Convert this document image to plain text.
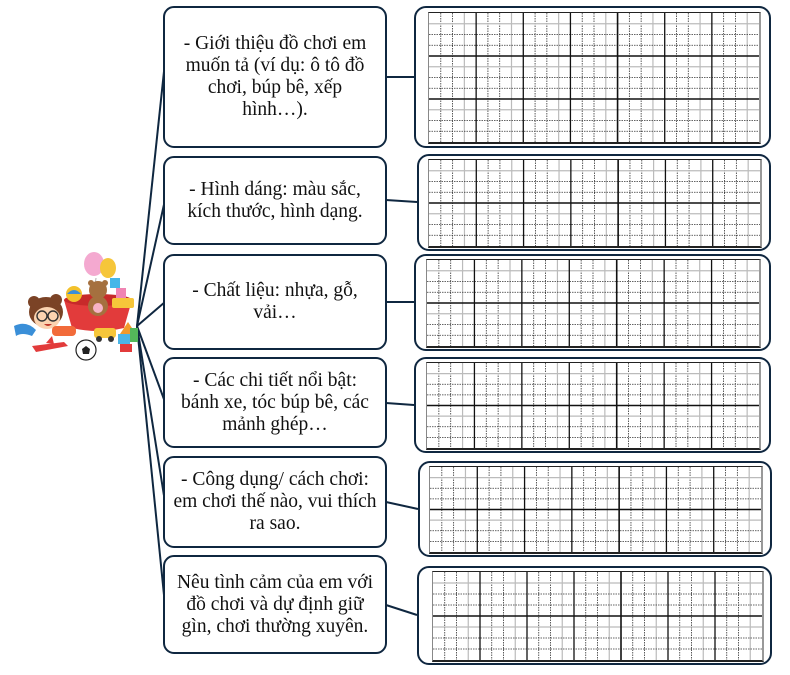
- Giới thiệu đồ chơi em muốn tả (ví dụ: ô tô đồ chơi, búp bê, xếp hình…).
- Hình dáng: màu sắc, kích thước, hình dạng.
- Chất liệu: nhựa, gỗ, vải…
- Các chi tiết nổi bật: bánh xe, tóc búp bê, các mảnh ghép…
- Công dụng/ cách chơi: em chơi thế nào, vui thích ra sao.
Nêu tình cảm của em với đồ chơi và dự định giữ gìn, chơi thường xuyên.
